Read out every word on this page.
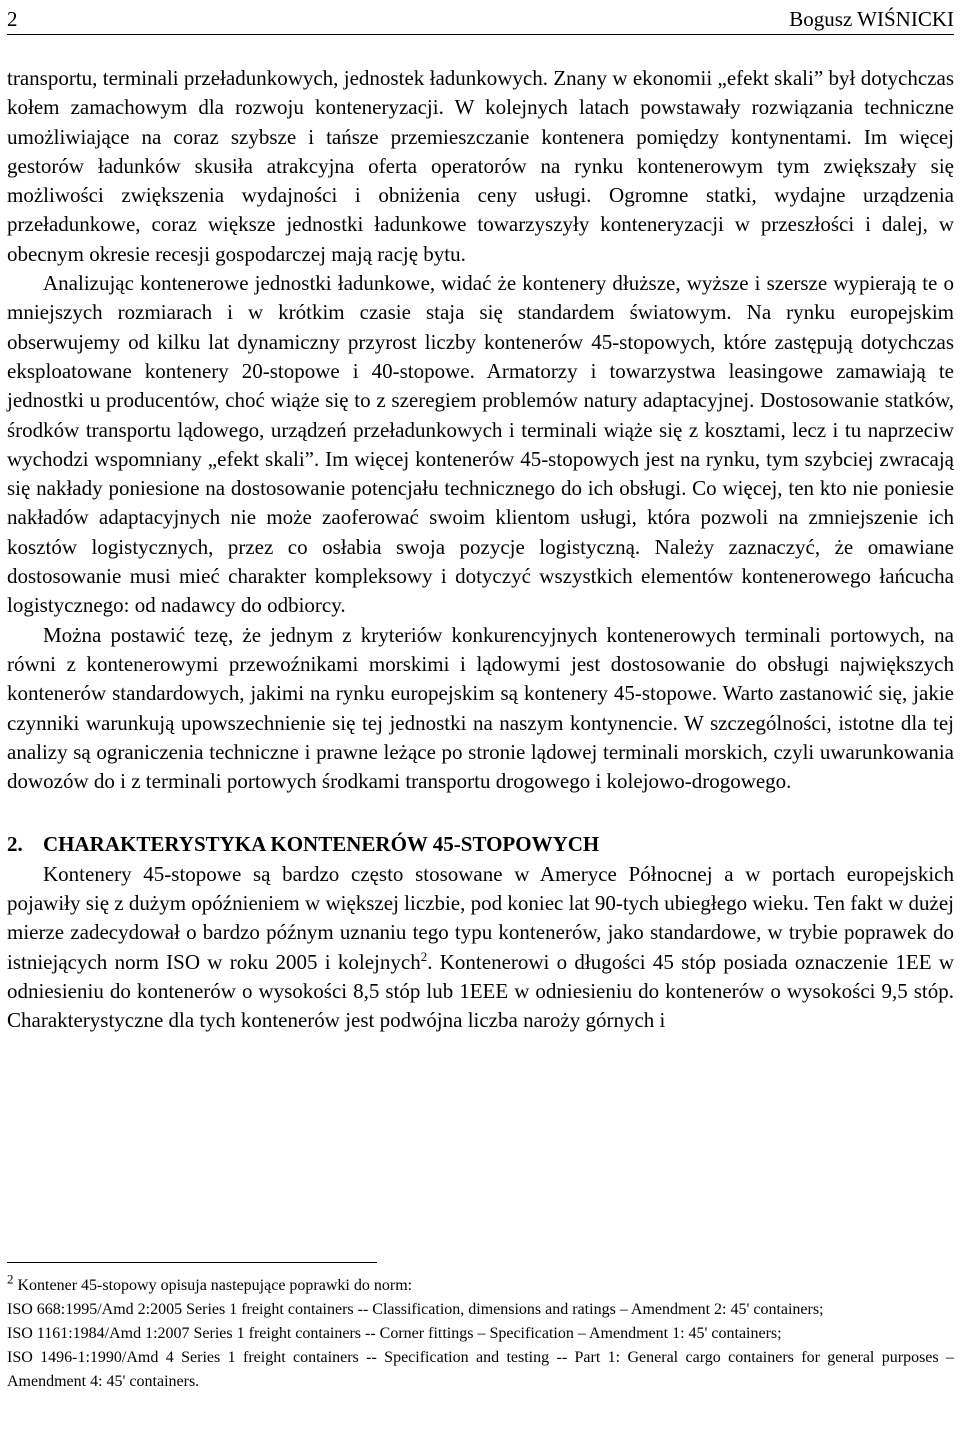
2	Bogusz WIŚNICKI

transportu, terminali przeładunkowych, jednostek ładunkowych. Znany w ekonomii „efekt skali” był dotychczas kołem zamachowym dla rozwoju konteneryzacji. W kolejnych latach powstawały rozwiązania techniczne umożliwiające na coraz szybsze i tańsze przemieszczanie kontenera pomiędzy kontynentami. Im więcej gestorów ładunków skusiła atrakcyjna oferta operatorów na rynku kontenerowym tym zwiększały się możliwości zwiększenia wydajności i obniżenia ceny usługi. Ogromne statki, wydajne urządzenia przeładunkowe, coraz większe jednostki ładunkowe towarzyszyły konteneryzacji w przeszłości i dalej, w obecnym okresie recesji gospodarczej mają rację bytu.

Analizując kontenerowe jednostki ładunkowe, widać że kontenery dłuższe, wyższe i szersze wypierają te o mniejszych rozmiarach i w krótkim czasie staja się standardem światowym. Na rynku europejskim obserwujemy od kilku lat dynamiczny przyrost liczby kontenerów 45-stopowych, które zastępują dotychczas eksploatowane kontenery 20-stopowe i 40-stopowe. Armatorzy i towarzystwa leasingowe zamawiają te jednostki u producentów, choć wiąże się to z szeregiem problemów natury adaptacyjnej. Dostosowanie statków, środków transportu lądowego, urządzeń przeładunkowych i terminali wiąże się z kosztami, lecz i tu naprzeciw wychodzi wspomniany „efekt skali”. Im więcej kontenerów 45-stopowych jest na rynku, tym szybciej zwracają się nakłady poniesione na dostosowanie potencjału technicznego do ich obsługi. Co więcej, ten kto nie poniesie nakładów adaptacyjnych nie może zaoferować swoim klientom usługi, która pozwoli na zmniejszenie ich kosztów logistycznych, przez co osłabia swoja pozycje logistyczną. Należy zaznaczyć, że omawiane dostosowanie musi mieć charakter kompleksowy i dotyczyć wszystkich elementów kontenerowego łańcucha logistycznego: od nadawcy do odbiorcy.

Można postawić tezę, że jednym z kryteriów konkurencyjnych kontenerowych terminali portowych, na równi z kontenerowymi przewoźnikami morskimi i lądowymi jest dostosowanie do obsługi największych kontenerów standardowych, jakimi na rynku europejskim są kontenery 45-stopowe. Warto zastanowić się, jakie czynniki warunkują upowszechnienie się tej jednostki na naszym kontynencie. W szczególności, istotne dla tej analizy są ograniczenia techniczne i prawne leżące po stronie lądowej terminali morskich, czyli uwarunkowania dowozów do i z terminali portowych środkami transportu drogowego i kolejowo-drogowego.

2. CHARAKTERYSTYKA KONTENERÓW 45-STOPOWYCH

Kontenery 45-stopowe są bardzo często stosowane w Ameryce Północnej a w portach europejskich pojawiły się z dużym opóźnieniem w większej liczbie, pod koniec lat 90-tych ubiegłego wieku. Ten fakt w dużej mierze zadecydował o bardzo późnym uznaniu tego typu kontenerów, jako standardowe, w trybie poprawek do istniejących norm ISO w roku 2005 i kolejnych$^2$. Kontenerowi o długości 45 stóp posiada oznaczenie 1EE w odniesieniu do kontenerów o wysokości 8,5 stóp lub 1EEE w odniesieniu do kontenerów o wysokości 9,5 stóp. Charakterystyczne dla tych kontenerów jest podwójna liczba naroży górnych i

$^2$ Kontener 45-stopowy opisuja nastepujące poprawki do norm:

ISO 668:1995/Amd 2:2005 Series 1 freight containers -- Classification, dimensions and ratings – Amendment 2: 45' containers;

ISO 1161:1984/Amd 1:2007 Series 1 freight containers -- Corner fittings – Specification – Amendment 1: 45' containers;

ISO 1496-1:1990/Amd 4 Series 1 freight containers -- Specification and testing -- Part 1: General cargo containers for general purposes – Amendment 4: 45' containers.
